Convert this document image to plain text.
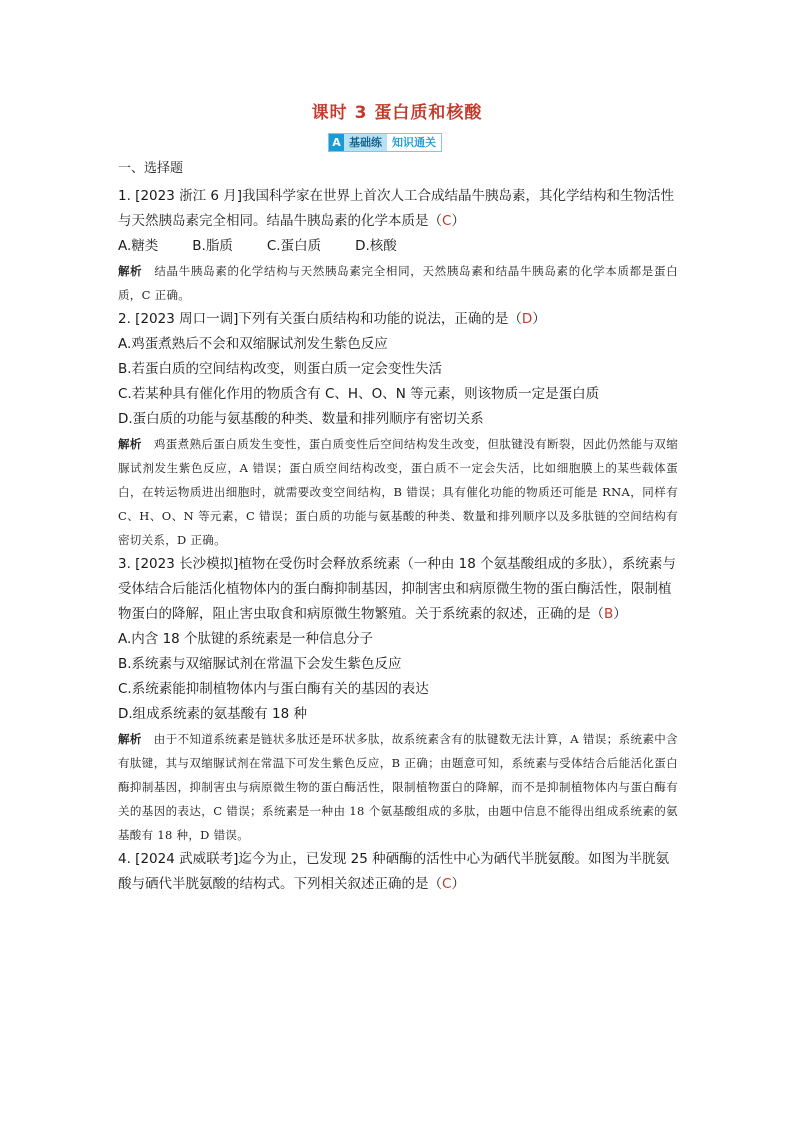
课时 3 蛋白质和核酸
A 基础练 知识通关
一、选择题
1. [2023 浙江 6 月]我国科学家在世界上首次人工合成结晶牛胰岛素，其化学结构和生物活性与天然胰岛素完全相同。结晶牛胰岛素的化学本质是（C）
A.糖类	B.脂质	C.蛋白质	D.核酸
解析 结晶牛胰岛素的化学结构与天然胰岛素完全相同，天然胰岛素和结晶牛胰岛素的化学本质都是蛋白质，C 正确。
2. [2023 周口一调]下列有关蛋白质结构和功能的说法，正确的是（D）
A.鸡蛋煮熟后不会和双缩脲试剂发生紫色反应
B.若蛋白质的空间结构改变，则蛋白质一定会变性失活
C.若某种具有催化作用的物质含有 C、H、O、N 等元素，则该物质一定是蛋白质
D.蛋白质的功能与氨基酸的种类、数量和排列顺序有密切关系
解析 鸡蛋煮熟后蛋白质发生变性，蛋白质变性后空间结构发生改变，但肽键没有断裂，因此仍然能与双缩脲试剂发生紫色反应，A 错误；蛋白质空间结构改变，蛋白质不一定会失活，比如细胞膜上的某些载体蛋白，在转运物质进出细胞时，就需要改变空间结构，B 错误；具有催化功能的物质还可能是 RNA，同样有 C、H、O、N 等元素，C 错误；蛋白质的功能与氨基酸的种类、数量和排列顺序以及多肽链的空间结构有密切关系，D 正确。
3. [2023 长沙模拟]植物在受伤时会释放系统素（一种由 18 个氨基酸组成的多肽），系统素与受体结合后能活化植物体内的蛋白酶抑制基因，抑制害虫和病原微生物的蛋白酶活性，限制植物蛋白的降解，阻止害虫取食和病原微生物繁殖。关于系统素的叙述，正确的是（B）
A.内含 18 个肽键的系统素是一种信息分子
B.系统素与双缩脲试剂在常温下会发生紫色反应
C.系统素能抑制植物体内与蛋白酶有关的基因的表达
D.组成系统素的氨基酸有 18 种
解析 由于不知道系统素是链状多肽还是环状多肽，故系统素含有的肽键数无法计算，A 错误；系统素中含有肽键，其与双缩脲试剂在常温下可发生紫色反应，B 正确；由题意可知，系统素与受体结合后能活化蛋白酶抑制基因，抑制害虫与病原微生物的蛋白酶活性，限制植物蛋白的降解，而不是抑制植物体内与蛋白酶有关的基因的表达，C 错误；系统素是一种由 18 个氨基酸组成的多肽，由题中信息不能得出组成系统素的氨基酸有 18 种，D 错误。
4. [2024 武威联考]迄今为止，已发现 25 种硒酶的活性中心为硒代半胱氨酸。如图为半胱氨酸与硒代半胱氨酸的结构式。下列相关叙述正确的是（C）
